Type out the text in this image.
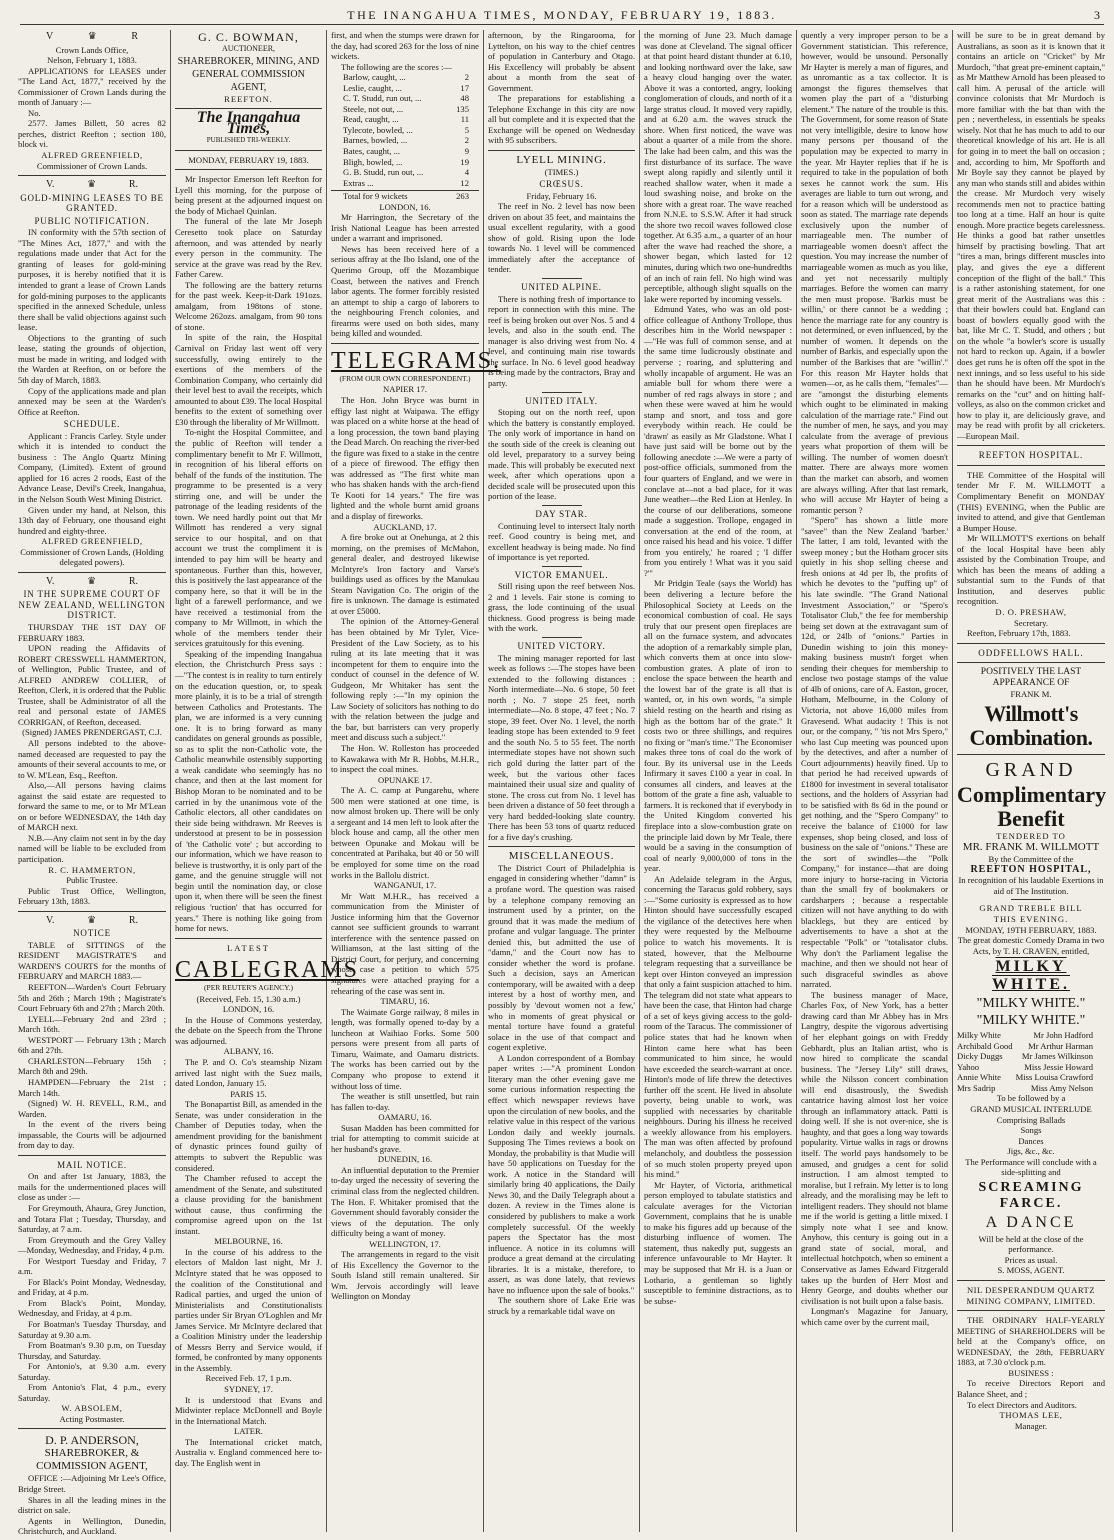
THE INANGAHUA TIMES, MONDAY, FEBRUARY 19, 1883.	3
V	♛	R

Crown Lands Office,

Nelson, February 1, 1883.

APPLICATIONS for LEASES under "The Land Act, 1877," received by the Commissioner of Crown Lands during the month of January :—

No.

2577. James Billett, 50 acres 82 perches, district Reefton ; section 180, block vi.

ALFRED GREENFIELD,

Commissioner of Crown Lands.

V.	♛	R.

GOLD-MINING LEASES TO BE GRANTED.

PUBLIC NOTIFICATION.

IN conformity with the 57th section of "The Mines Act, 1877," and with the regulations made under that Act for the granting of leases for gold-mining purposes, it is hereby notified that it is intended to grant a lease of Crown Lands for gold-mining purposes to the applicants specified in the annexed Schedule, unless there shall be valid objections against such lease.

Objections to the granting of such lease, stating the grounds of objection, must be made in writing, and lodged with the Warden at Reefton, on or before the 5th day of March, 1883.

Copy of the applications made and plan annexed may be seen at the Warden's Office at Reefton.

SCHEDULE.

Applicant : Francis Carley. Style under which it is intended to conduct the business : The Anglo Quartz Mining Company, (Limited). Extent of ground applied for 16 acres 2 roods, East of the Advance Lease, Devil's Creek, Inangahua, in the Nelson South West Mining District.

Given under my hand, at Nelson, this 13th day of February, one thousand eight hundred and eighty-three.

ALFRED GREENFIELD,

Commissioner of Crown Lands, (Holding delegated powers).

V.	♛	R.

IN THE SUPREME COURT OF NEW ZEALAND, WELLINGTON DISTRICT.

THURSDAY THE 1ST DAY OF FEBRUARY 1883.

UPON reading the Affidavits of ROBERT CRESSWELL HAMMERTON, of Wellington, Public Trustee, and of ALFRED ANDREW COLLIER, of Reefton, Clerk, it is ordered that the Public Trustee, shall be Administrator of all the real and personal estate of JAMES CORRIGAN, of Reefton, deceased.

(Signed) JAMES PRENDERGAST, C.J.

All persons indebted to the above-named deceased are requested to pay the amounts of their several accounts to me, or to W. M'Lean, Esq., Reefton.

Also,—All persons having claims against the said estate are requested to forward the same to me, or to Mr M'Lean on or before WEDNESDAY, the 14th day of MARCH next.

N.B.—Any claim not sent in by the day named will be liable to be excluded from participation.

R. C. HAMMERTON,

Public Trustee.

Public Trust Office, Wellington, February 13th, 1883.

V.	♛	R.

NOTICE

TABLE of SITTINGS of the RESIDENT MAGISTRATE'S and WARDEN'S COURTS for the months of FEBRUARY and MARCH 1883.—

REEFTON—Warden's Court February 5th and 26th ; March 19th ; Magistrate's Court February 6th and 27th ; March 20th.

LYELL—February 2nd and 23rd ; March 16th.

WESTPORT — February 13th ; March 6th and 27th.

CHARLESTON—February 15th ; March 8th and 29th.

HAMPDEN—February the 21st ; March 14th.

(Signed) W. H. REVELL, R.M., and Warden.

In the event of the rivers being impassable, the Courts will be adjourned from day to day.

MAIL NOTICE.

On and after 1st January, 1883, the mails for the undermentioned places will close as under :—

For Greymouth, Ahaura, Grey Junction, and Totara Flat ; Tuesday, Thursday, and Saturday, at 7 a.m.

From Greymouth and the Grey Valley—Monday, Wednesday, and Friday, 4 p.m.

For Westport Tuesday and Friday, 7 a.m.

For Black's Point Monday, Wednesday, and Friday, at 4 p.m.

From Black's Point, Monday, Wednesday, and Friday, at 4 p.m.

For Boatman's Tuesday Thursday, and Saturday at 9.30 a.m.

From Boatman's 9.30 p.m, on Tuesday Thursday, and Saturday.

For Antonio's, at 9.30 a.m. every Saturday.

From Antonio's Flat, 4 p.m., every Saturday.

W. ABSOLEM,

Acting Postmaster.

D. P. ANDERSON,

SHAREBROKER, & COMMISSION AGENT,

OFFICE :—Adjoining Mr Lee's Office, Bridge Street.

Shares in all the leading mines in the district on sale.

Agents in Wellington, Dunedin, Christchurch, and Auckland.

G. C. BOWMAN,

AUCTIONEER,

SHAREBROKER, MINING, AND

GENERAL COMMISSION

AGENT,

REEFTON.

The Inangahua Times,

PUBLISHED TRI-WEEKLY.

MONDAY, FEBRUARY 19, 1883.

Mr Inspector Emerson left Reefton for Lyell this morning, for the purpose of being present at the adjourned inquest on the body of Michael Quinlan.

The funeral of the late Mr Joseph Ceresetto took place on Saturday afternoon, and was attended by nearly every person in the community. The service at the grave was read by the Rev. Father Carew.

The following are the battery returns for the past week. Keep-it-Dark 191ozs. amalgam, from 198tons of stone. Welcome 262ozs. amalgam, from 90 tons of stone.

In spite of the rain, the Hospital Carnival on Friday last went off very successfully, owing entirely to the exertions of the members of the Combination Company, who certainly did their level best to avail the receipts, which amounted to about £39. The local Hospital benefits to the extent of something over £30 through the liberality of Mr Willmott.

To-night the Hospital Committee, and the public of Reefton will tender a complimentary benefit to Mr F. Willmott, in recognition of his liberal efforts on behalf of the funds of the institution. The programme to be presented is a very stirring one, and will be under the patronage of the leading residents of the town. We need hardly point out that Mr Willmott has rendered a very signal service to our hospital, and on that account we trust the compliment it is intended to pay him will be hearty and spontaneous. Further than this, however, this is positively the last appearance of the company here, so that it will be in the light of a farewell performance, and we have received a testimonial from the company to Mr Willmott, in which the whole of the members tender their services gratuitously for this evening.

Speaking of the impending Inangahua election, the Christchurch Press says :—"The contest is in reality to turn entirely on the education question, or, to speak more plainly, it is to be a trial of strength between Catholics and Protestants. The plan, we are informed is a very cunning one. It is to bring forward as many candidates on general grounds as possible, so as to split the non-Catholic vote, the Catholic meanwhile ostensibly supporting a weak candidate who seemingly has no chance, and then at the last moment for Bishop Moran to be nominated and to be carried in by the unanimous vote of the Catholic electors, all other candidates on their side being withdrawn. Mr Reeves is understood at present to be in possession of 'the Catholic vote' ; but according to our information, which we have reason to believe is trustworthy, it is only part of the game, and the genuine struggle will not begin until the nomination day, or close upon it, when there will be seen the finest religious 'ruction' that has occurred for years." There is nothing like going from home for news.

LATEST

CABLEGRAMS

(PER REUTER'S AGENCY.)

(Received, Feb. 15, 1.30 a.m.)

LONDON, 16.

In the House of Commons yesterday, the debate on the Speech from the Throne was adjourned.

ALBANY, 16.

The P. and O. Co's steamship Nizam arrived last night with the Suez mails, dated London, January 15.

PARIS 15.

The Bonapartist Bill, as amended in the Senate, was under consideration in the Chamber of Deputies today, when the amendment providing for the banishment of dynastic princes found guilty of attempts to subvert the Republic was considered.

The Chamber refused to accept the amendment of the Senate, and substituted a clause providing for the banishment without cause, thus confirming the compromise agreed upon on the 1st instant.

MELBOURNE, 16.

In the course of his address to the electors of Maldon last night, Mr J. McIntyre stated that he was opposed to the coalition of the Constitutional and Radical parties, and urged the union of Ministerialists and Constitutionalists parties under Sir Bryan O'Loghlen and Mr James Service. Mr McIntyre declared that a Coalition Ministry under the leadership of Messrs Berry and Service would, if formed, be confronted by many opponents in the Assembly.

Received Feb. 17, 1 p.m.

SYDNEY, 17.

It is understood that Evans and Midwinter replace McDonnell and Boyle in the International Match.

LATER.

The International cricket match, Australia v. England commenced here to-day. The English went in

first, and when the stumps were drawn for the day, had scored 263 for the loss of nine wickets.

The following are the scores :—

Barlow, caught, ...	2
Leslie, caught, ...	17
C. T. Studd, run out, ...	48
Steele, not out, ...	135
Read, caught, ...	11
Tylecote, bowled, ...	5
Barnes, bowled, ...	2
Bates, caught, ...	9
Bligh, bowled, ...	19
G. B. Studd, run out, ...	4
Extras ...	12
Total for 9 wickets	263

LONDON, 16.

Mr Harrington, the Secretary of the Irish National League has been arrested under a warrant and imprisoned.

News has been received here of a serious affray at the Ibo Island, one of the Querimo Group, off the Mozambique Coast, between the natives and French labor agents. The former forcibly resisted an attempt to ship a cargo of laborers to the neighbouring French colonies, and firearms were used on both sides, many being killed and wounded.

TELEGRAMS.

(FROM OUR OWN CORRESPONDENT.)

NAPIER 17.

The Hon. John Bryce was burnt in effigy last night at Waipawa. The effigy was placed on a white horse at the head of a long procession, the town band playing the Dead March. On reaching the river-bed the figure was fixed to a stake in the centre of a piece of firewood. The effigy then was addressed as "The first white man who has shaken hands with the arch-fiend Te Kooti for 14 years." The fire was lighted and the whole burnt amid groans and a display of fireworks.

AUCKLAND, 17.

A fire broke out at Onehunga, at 2 this morning, on the premises of McMahon, general dealer, and destroyed likewise McIntyre's Iron factory and Varse's buildings used as offices by the Manukau Steam Navigation Co. The origin of the fire is unknown. The damage is estimated at over £5000.

The opinion of the Attorney-General has been obtained by Mr Tyler, Vice-President of the Law Society, as to his ruling at its late meeting that it was incompetent for them to enquire into the conduct of counsel in the defence of W. Gudgeon, Mr Whitaker has sent the following reply :—"In my opinion the Law Society of solicitors has nothing to do with the relation between the judge and the bar, but barristers can very properly meet and discuss such a subject."

The Hon. W. Rolleston has proceeded to Kawakawa with Mr R. Hobbs, M.H.R., to inspect the coal mines.

OPUNAKE 17.

The A. C. camp at Pungarehu, where 500 men were stationed at one time, is now almost broken up. There will be only a sergeant and 14 men left to look after the block house and camp, all the other men between Opunake and Mokau will be concentrated at Parihaka, but 40 or 50 will be employed for some time on the road works in the Ballolu district.

WANGANUI, 17.

Mr Watt M.H.R., has received a communication from the Minister of Justice informing him that the Governor cannot see sufficient grounds to warrant interference with the sentence passed on Williamson, at the last sitting of the District Court, for perjury, and concerning whose case a petition to which 575 signatures were attached praying for a rehearing of the case was sent in.

TIMARU, 16.

The Waimate Gorge railway, 8 miles in length, was formally opened to-day by a luncheon at Waihiao Forks. Some 500 persons were present from all parts of Timaru, Waimate, and Oamaru districts. The works has been carried out by the Company who propose to extend it without loss of time.

The weather is still unsettled, but rain has fallen to-day.

OAMARU, 16.

Susan Madden has been committed for trial for attempting to commit suicide at her husband's grave.

DUNEDIN, 16.

An influential deputation to the Premier to-day urged the necessity of severing the criminal class from the neglected children. The Hon. F. Whitaker promised that the Government should favorably consider the views of the deputation. The only difficulty being a want of money.

WELLINGTON, 17.

The arrangements in regard to the visit of His Excellency the Governor to the South Island still remain unaltered. Sir Wm. Jervois accordingly will leave Wellington on Monday

afternoon, by the Ringarooma, for Lyttelton, on his way to the chief centres of population in Canterbury and Otago. His Excellency will probably be absent about a month from the seat of Government.

The preparations for establishing a Telephone Exchange in this city are now all but complete and it is expected that the Exchange will be opened on Wednesday with 95 subscribers.

LYELL MINING.

(TIMES.)

CRŒSUS.

Friday, February 16.

The reef in No. 2 level has now been driven on about 35 feet, and maintains the usual excellent regularity, with a good show of gold. Rising upon the lode towards No. 1 level will be commenced immediately after the acceptance of tender.

UNITED ALPINE.

There is nothing fresh of importance to report in connection with this mine. The reef is being broken out over Nos. 5 and 4 levels, and also in the south end. The manager is also driving west from No. 4 level, and continuing main rise towards the surface. In No. 6 level good headway is being made by the contractors, Bray and party.

UNITED ITALY.

Stoping out on the north reef, upon which the battery is constantly employed. The only work of importance in hand on the south side of the creek is cleaning out old level, preparatory to a survey being made. This will probably be executed next week, after which operations upon a decided scale will be prosecuted upon this portion of the lease.

DAY STAR.

Continuing level to intersect Italy north reef. Good country is being met, and excellent headway is being made. No find of importance is yet reported.

VICTOR EMANUEL.

Still rising upon the reef between Nos. 2 and 1 levels. Fair stone is coming to grass, the lode continuing of the usual thickness. Good progress is being made with the work.

UNITED VICTORY.

The mining manager reported for last week as follows :—The stopes have been extended to the following distances : North intermediate—No. 6 stope, 50 feet north ; No. 7 stope 25 feet, north intermediate—No. 8 stope, 47 feet ; No. 7 stope, 39 feet. Over No. 1 level, the north leading stope has been extended to 9 feet and the south No. 5 to 55 feet. The north intermediate stopes have not shown such rich gold during the latter part of the week, but the various other faces maintained their usual size and quality of stone. The cross cut from No. 1 level has been driven a distance of 50 feet through a very hard bedded-looking slate country. There has been 53 tons of quartz reduced for a five day's crushing.

MISCELLANEOUS.

The District Court of Philadelphia is engaged in considering whether "damn" is a profane word. The question was raised by a telephone company removing an instrument used by a printer, on the ground that it was made the medium of profane and vulgar language. The printer denied this, but admitted the use of "damn," and the Court now has to consider whether the word is profane. Such a decision, says an American contemporary, will be awaited with a deep interest by a host of worthy men, and possibly by 'devout women not a few,' who in moments of great physical or mental torture have found a grateful solace in the use of that compact and cogent expletive.

A London correspondent of a Bombay paper writes :—"A prominent London literary man the other evening gave me some curious information respecting the effect which newspaper reviews have upon the circulation of new books, and the relative value in this respect of the various London daily and weekly journals. Supposing The Times reviews a book on Monday, the probability is that Mudie will have 50 applications on Tuesday for the work. A notice in the Standard will similarly bring 40 applications, the Daily News 30, and the Daily Telegraph about a dozen. A review in the Times alone is considered by publishers to make a work completely successful. Of the weekly papers the Spectator has the most influence. A notice in its columns will produce a great demand at the circulating libraries. It is a mistake, therefore, to assert, as was done lately, that reviews have no influence upon the sale of books."

The southern shore of Lake Erie was struck by a remarkable tidal wave on

the morning of June 23. Much damage was done at Cleveland. The signal officer at that point heard distant thunder at 6.10, and looking northward over the lake, saw a heavy cloud hanging over the water. Above it was a contorted, angry, looking conglomeration of clouds, and north of it a large stratus cloud. It moved very rapidly, and at 6.20 a.m. the waves struck the shore. When first noticed, the wave was about a quarter of a mile from the shore. The lake had been calm, and this was the first disturbance of its surface. The wave swept along rapidly and silently until it reached shallow water, when it made a loud swashing noise, and broke on the shore with a great roar. The wave reached from N.N.E. to S.S.W. After it had struck the shore two recoil waves followed close together. At 6.35 a.m., a quarter of an hour after the wave had reached the shore, a shower began, which lasted for 12 minutes, during which two one-hundredths of an inch of rain fell. No high wind was perceptible, although slight squalls on the lake were reported by incoming vessels.

Edmund Yates, who was an old post-office colleague of Anthony Trollope, thus describes him in the World newspaper :—"He was full of common sense, and at the same time ludicrously obstinate and perverse ; roaring, and spluttering and wholly incapable of argument. He was an amiable bull for whom there were a number of red rags always in store ; and when these were waved at him he would stamp and snort, and toss and gore everybody within reach. He could be 'drawn' as easily as Mr Gladstone. What I have just said will be borne out by the following anecdote :—We were a party of post-office officials, summoned from the four quarters of England, and we were in conclave at—not a bad place, for it was June weather—the Red Lion at Henley. In the course of our deliberations, someone made a suggestion. Trollope, engaged in conversation at the end of the room, at once raised his head and his voice. 'I differ from you entirely,' he roared ; 'I differ from you entirely ! What was it you said ?'"

Mr Pridgin Teale (says the World) has been delivering a lecture before the Philosophical Society at Leeds on the economical combustion of coal. He says truly that our present open fireplaces are all on the furnace system, and advocates the adoption of a remarkably simple plan, which converts them at once into slow-combustion grates. A plate of iron to enclose the space between the hearth and the lowest bar of the grate is all that is wanted, or, in his own words, "a simple shield resting on the hearth and rising as high as the bottom bar of the grate." It costs two or three shillings, and requires no fixing or "man's time." The Economiser makes three tons of coal do the work of four. By its universal use in the Leeds Infirmary it saves £100 a year in coal. In consumes all cinders, and leaves at the bottom of the grate a fine ash, valuable to farmers. It is reckoned that if everybody in the United Kingdom converted his fireplace into a slow-combustion grate on the principle laid down by Mr Teale, there would be a saving in the consumption of coal of nearly 9,000,000 of tons in the year.

An Adelaide telegram in the Argus, concerning the Taracus gold robbery, says :—"Some curiosity is expressed as to how Hinton should have successfully escaped the vigilance of the detectives here when they were requested by the Melbourne police to watch his movements. It is stated, however, that the Melbourne telegram requesting that a surveillance be kept over Hinton conveyed an impression that only a faint suspicion attached to him. The telegram did not state what appears to have been the case, that Hinton had charge of a set of keys giving access to the gold-room of the Taracus. The commissioner of police states that had he known when Hinton came here what has been communicated to him since, he would have exceeded the search-warrant at once. Hinton's mode of life threw the detectives further off the scent. He lived in absolute poverty, being unable to work, was supplied with necessaries by charitable neighbours. During his illness he received a weekly allowance from his employers. The man was often affected by profound melancholy, and doubtless the possession of so much stolen property preyed upon his mind."

Mr Hayter, of Victoria, arithmetical person employed to tabulate statistics and calculate averages for the Victorian Government, complains that he is unable to make his figures add up because of the disturbing influence of women. The statement, thus nakedly put, suggests an inference unfavourable to Mr Hayter. It may be supposed that Mr H. is a Juan or Lothario, a gentleman so lightly susceptible to feminine distractions, as to be subse-

quently a very improper person to be a Government statistician. This reference, however, would be unsound. Personally Mr Hayter is merely a man of figures, and as unromantic as a tax collector. It is amongst the figures themselves that women play the part of a "disturbing element." The nature of the trouble is this. The Government, for some reason of State not very intelligible, desire to know how many persons per thousand of the population may be expected to marry in the year. Mr Hayter replies that if he is required to take in the population of both sexes he cannot work the sum. His averages are liable to turn out wrong, and for a reason which will be understood as soon as stated. The marriage rate depends exclusively upon the number of marriageable men. The number of marriageable women doesn't affect the question. You may increase the number of marriageable women as much as you like, and yet not necessarily multiply marriages. Before the women can marry the men must propose. 'Barkis must be willin,' or there cannot be a wedding ; hence the marriage rate for any country is not determined, or even influenced, by the number of women. It depends on the number of Barkis, and especially upon the number of the Barkises that are "willin'." For this reason Mr Hayter holds that women—or, as he calls them, "females"—are "amongst the disturbing elements which ought to be eliminated in making calculation of the marriage rate." Find out the number of men, he says, and you may calculate from the average of previous years what proportion of them will be willing. The number of women doesn't matter. There are always more women than the market can absorb, and women are always willing. After that last remark, who will accuse Mr Hayter of being a romantic person ?

"Spero" has shown a little more "savee" than the New Zealand 'barber.' The latter, I am told, levanted with the sweep money ; but the Hotham grocer sits quietly in his shop selling cheese and fresh onions at 4d per lb, the profits of which he devotes to the "puffing up" of his late swindle. "The Grand National Investment Association," or "Spero's Totalisator Club," the fee for membership being set down at the extravagant sum of 12d, or 24lb of "onions." Parties in Dunedin wishing to join this money-making business mustn't forget when sending their cheques for membership to enclose two postage stamps of the value of 4lb of onions, care of A. Easton, grocer, Hotham, Melbourne, in the Colony of Victoria, not above 16,000 miles from Gravesend. What audacity ! This is not our, or the company, " 'tis not Mrs Spero," who last Cup meeting was pounced upon by the detectives, and after a number of Court adjournments) heavily fined. Up to that period he had received upwards of £1800 for investment in several totalisator sections, and the holders of Assyrian had to be satisfied with 8s 6d in the pound or get nothing, and the "Spero Company" to receive the balance of £1000 for law expenses, shop being closed, and loss of business on the sale of "onions." These are the sort of swindles—the "Polk Company," for instance—that are doing more injury to horse-racing in Victoria than the small fry of bookmakers or cardsharpers ; because a respectable citizen will not have anything to do with blacklegs, but they are enticed by advertisements to have a shot at the respectable "Polk" or "totalisator clubs. Why don't the Parliament legalise the machine, and then we should not hear of such disgraceful swindles as above narrated.

The business manager of Mace, Charles Fox, of New York, has a better drawing card than Mr Abbey has in Mrs Langtry, despite the vigorous advertising of her elephant goings on with Freddy Gebhardt, plus an Italian artist, who is now hired to complicate the scandal business. The "Jersey Lily" still draws, while the Nilsson concert combination will end disastrously, the Swedish cantatrice having almost lost her voice through an inflammatory attack. Patti is doing well. If she is not over-nice, she is haughty, and that goes a long way towards popularity. Virtue walks in rags or drowns itself. The world pays handsomely to be amused, and grudges a cent for solid instruction. I am almost tempted to moralise, but I refrain. My letter is to long already, and the moralising may be left to intelligent readers. They should not blame me if the world is getting a little mixed. I simply note what I see and know. Anyhow, this century is going out in a grand state of social, moral, and intellectual hotchpotch, when so eminent a Conservative as James Edward Fitzgerald takes up the burden of Herr Most and Henry George, and doubts whether our civilisation is not built upon a false basis.

Longman's Magazine for January, which came over by the current mail,

will be sure to be in great demand by Australians, as soon as it is known that it contains an article on "Cricket" by Mr Murdoch, "that great pre-eminent captain," as Mr Matthew Arnold has been pleased to call him. A perusal of the article will convince colonists that Mr Murdoch is more familiar with the bat than with the pen ; nevertheless, in essentials he speaks wisely. Not that he has much to add to our theoretical knowledge of his art. He is all for going in to meet the ball on occasion ; and, according to him, Mr Spofforth and Mr Boyle say they cannot be played by any man who stands still and abides within the crease. Mr Murdoch very wisely recommends men not to practice batting too long at a time. Half an hour is quite enough. More practice begets carelessness. He thinks a good bat rather unsettles himself by practising bowling. That art "tires a man, brings different muscles into play, and gives the eye a different conception of the flight of the ball." This is a rather astonishing statement, for one great merit of the Australians was this : that their bowlers could bat. England can boast of bowlers equally good with the bat, like Mr C. T. Studd, and others ; but on the whole "a bowler's score is usually not hard to reckon up. Again, if a bowler does get runs he is often off the spot in the next innings, and so less useful to his side than he should have been. Mr Murdoch's remarks on the "cut" and on hitting half-volleys, as also on the common cricket and how to play it, are deliciously grave, and may be read with profit by all cricketers.—European Mail.

REEFTON HOSPITAL.

THE Committee of the Hospital will tender Mr F. M. WILLMOTT a Complimentary Benefit on MONDAY (THIS) EVENING, when the Public are invited to attend, and give that Gentleman a Bumper House.

Mr WILLMOTT'S exertions on behalf of the local Hospital have been ably assisted by the Combination Troupe, and which has been the means of adding a substantial sum to the Funds of that Institution, and deserves public recognition.

D. O. PRESHAW,

Secretary.

Reefton, February 17th, 1883.

ODDFELLOWS HALL.

POSITIVELY THE LAST APPEARANCE OF

FRANK M.

Willmott's Combination.

GRAND

Complimentary Benefit

TENDERED TO

MR. FRANK M. WILLMOTT

By the Committee of the

REEFTON HOSPITAL,

In recognition of his laudable Exertions in aid of The Institution.

GRAND TREBLE BILL

THIS EVENING.

MONDAY, 19TH FEBRUARY, 1883.

The great domestic Comedy Drama in two Acts, by T. H. CRAVEN, entitled,

MILKY WHITE.

"MILKY WHITE."

"MILKY WHITE."

Milky White	Mr John Hadford
Archibald Good Mr Arthur Harman
Dicky Duggs Mr James Wilkinson
Yahoo	Miss Jessie Howard
Annie White Miss Louisa Crawford
Mrs Sadrip	Miss Amy Nelson

To be followed by a

GRAND MUSICAL INTERLUDE

Comprising Ballads

Songs

Dances

Jigs, &c., &c.

The Performance will conclude with a side-splitting and

SCREAMING FARCE.

A DANCE

Will be held at the close of the performance.

Prices as usual.

S. MOSS, AGENT.

NIL DESPERANDUM QUARTZ MINING COMPANY, LIMITED.

THE ORDINARY HALF-YEARLY MEETING of SHAREHOLDERS will be held at the Company's office, on WEDNESDAY, the 28th, FEBRUARY 1883, at 7.30 o'clock p.m.

BUSINESS :

To receive Directors Report and Balance Sheet, and ;

To elect Directors and Auditors.

THOMAS LEE,

Manager.
